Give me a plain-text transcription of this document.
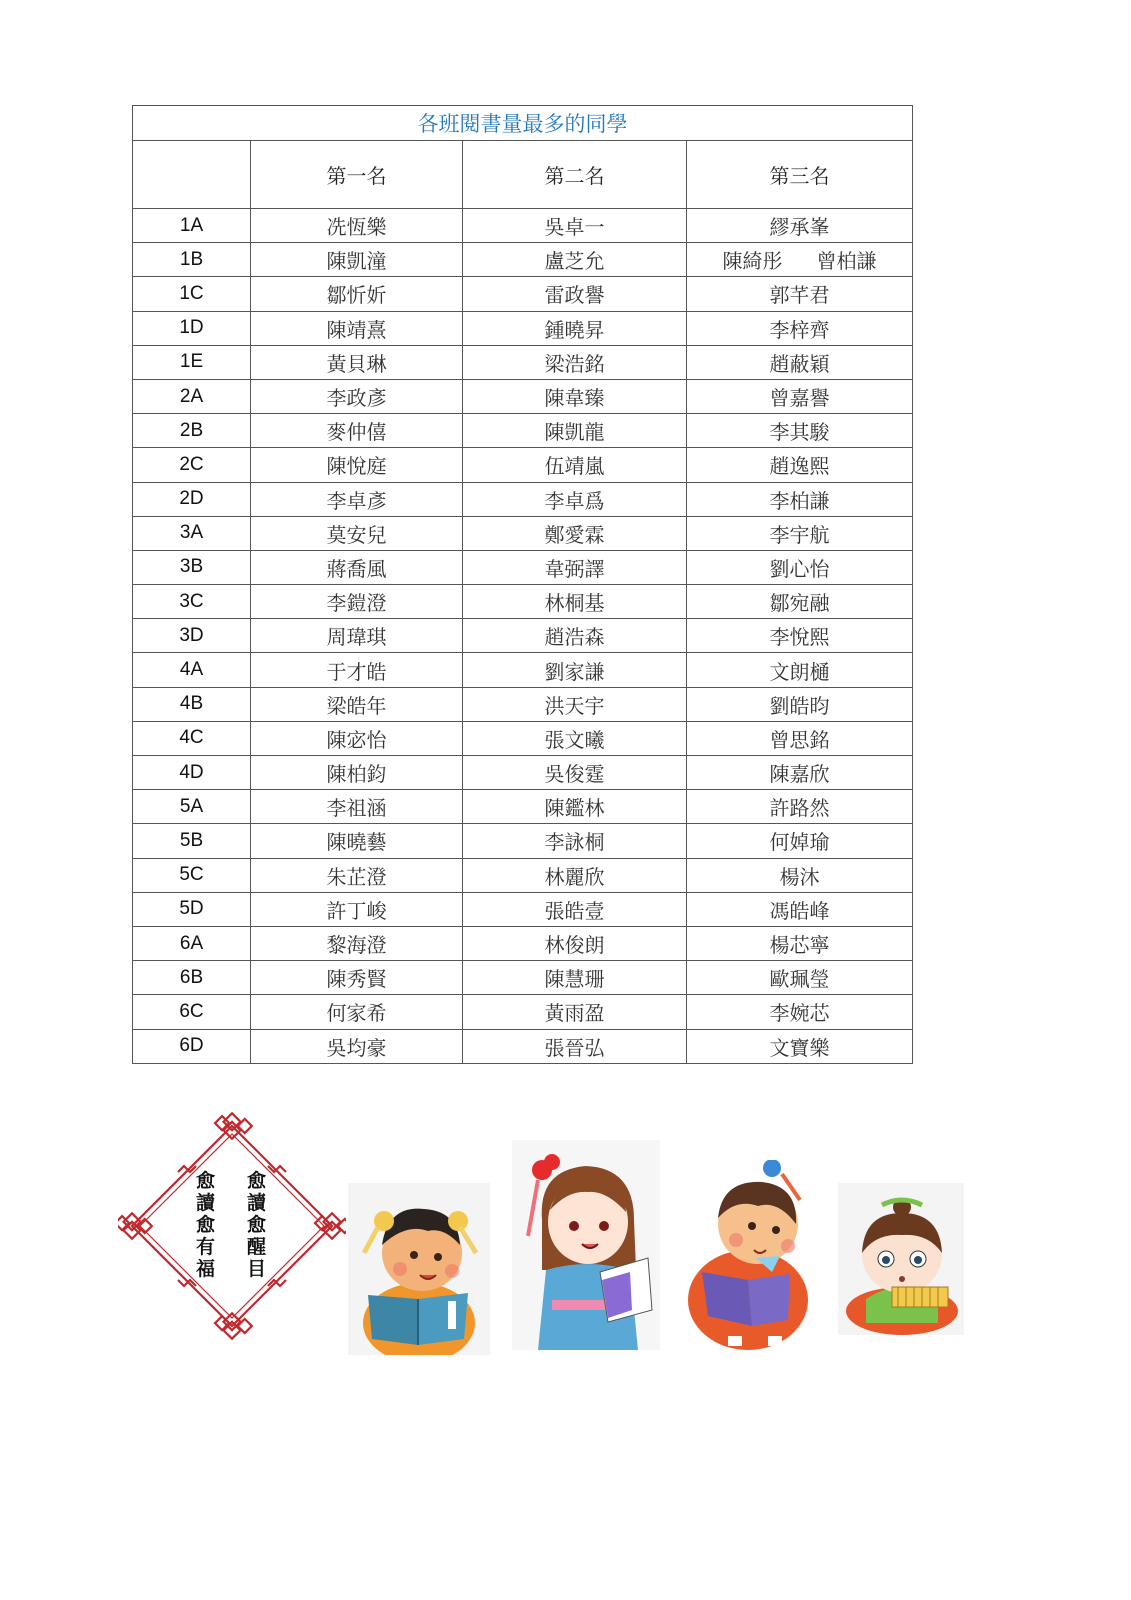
各班閱書量最多的同學			
	第一名	第二名	第三名
1A	冼恆樂	吳卓一	繆承峯
1B	陳凱潼	盧芝允	陳綺彤 曾柏謙
1C	鄒忻妡	雷政譽	郭芊君
1D	陳靖熹	鍾曉昇	李梓齊
1E	黃貝琳	梁浩銘	趙蔽穎
2A	李政彥	陳韋臻	曾嘉譽
2B	麥仲僖	陳凱龍	李其駿
2C	陳悅庭	伍靖嵐	趙逸熙
2D	李卓彥	李卓爲	李柏謙
3A	莫安兒	鄭愛霖	李宇航
3B	蔣喬風	韋弼譯	劉心怡
3C	李鎧澄	林桐基	鄒宛融
3D	周瑋琪	趙浩森	李悅熙
4A	于才皓	劉家謙	文朗樋
4B	梁皓年	洪天宇	劉皓昀
4C	陳宓怡	張文曦	曾思銘
4D	陳柏鈞	吳俊霆	陳嘉欣
5A	李祖涵	陳鑑林	許路然
5B	陳曉藝	李詠桐	何婥瑜
5C	朱芷澄	林麗欣	楊沐
5D	許丁峻	張皓壹	馮皓峰
6A	黎海澄	林俊朗	楊芯寧
6B	陳秀賢	陳慧珊	歐珮瑩
6C	何家希	黃雨盈	李婉芯
6D	吳均豪	張晉弘	文寶樂
愈
讀
愈
醒
目
愈
讀
愈
有
福
